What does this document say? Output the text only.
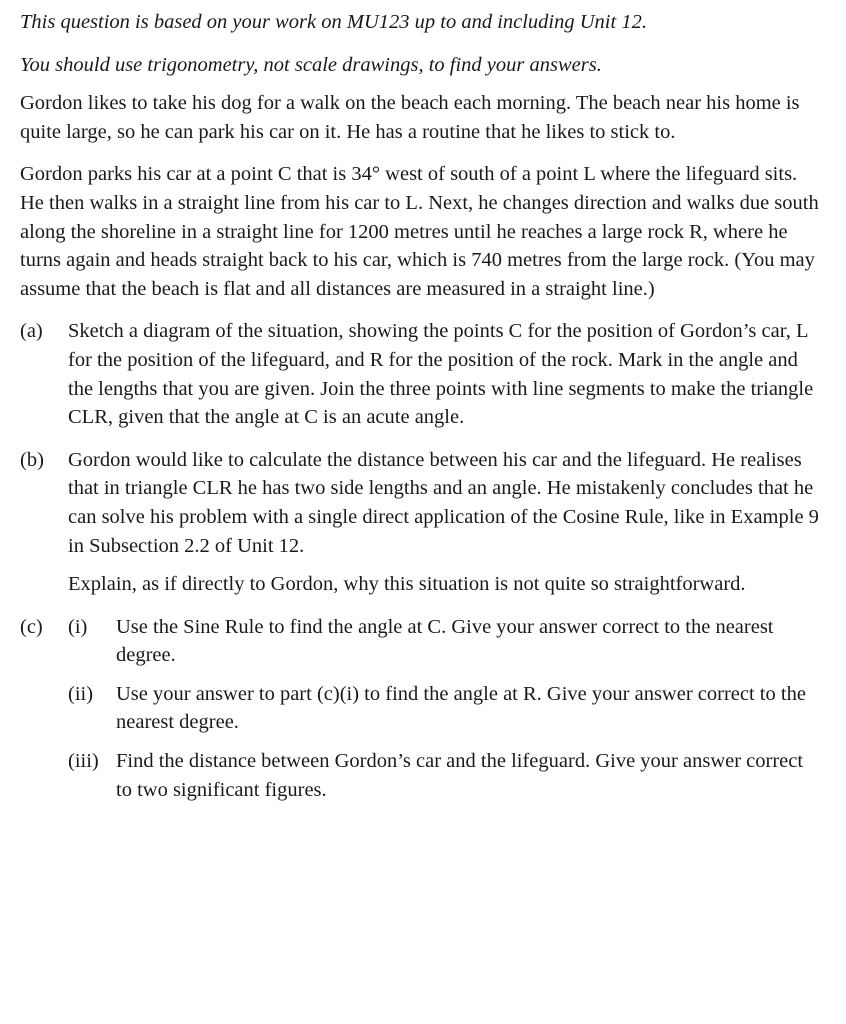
This question is based on your work on MU123 up to and including Unit 12.

You should use trigonometry, not scale drawings, to find your answers.

Gordon likes to take his dog for a walk on the beach each morning. The beach near his home is quite large, so he can park his car on it. He has a routine that he likes to stick to.

Gordon parks his car at a point C that is 34° west of south of a point L where the lifeguard sits. He then walks in a straight line from his car to L. Next, he changes direction and walks due south along the shoreline in a straight line for 1200 metres until he reaches a large rock R, where he turns again and heads straight back to his car, which is 740 metres from the large rock. (You may assume that the beach is flat and all distances are measured in a straight line.)

(a)	Sketch a diagram of the situation, showing the points C for the position of Gordon’s car, L for the position of the lifeguard, and R for the position of the rock. Mark in the angle and the lengths that you are given. Join the three points with line segments to make the triangle CLR, given that the angle at C is an acute angle.

(b)	Gordon would like to calculate the distance between his car and the lifeguard. He realises that in triangle CLR he has two side lengths and an angle. He mistakenly concludes that he can solve his problem with a single direct application of the Cosine Rule, like in Example 9 in Subsection 2.2 of Unit 12.

Explain, as if directly to Gordon, why this situation is not quite so straightforward.

(c)	(i)	Use the Sine Rule to find the angle at C. Give your answer correct to the nearest degree.
(ii)	Use your answer to part (c)(i) to find the angle at R. Give your answer correct to the nearest degree.
(iii) Find the distance between Gordon’s car and the lifeguard. Give your answer correct to two significant figures.
